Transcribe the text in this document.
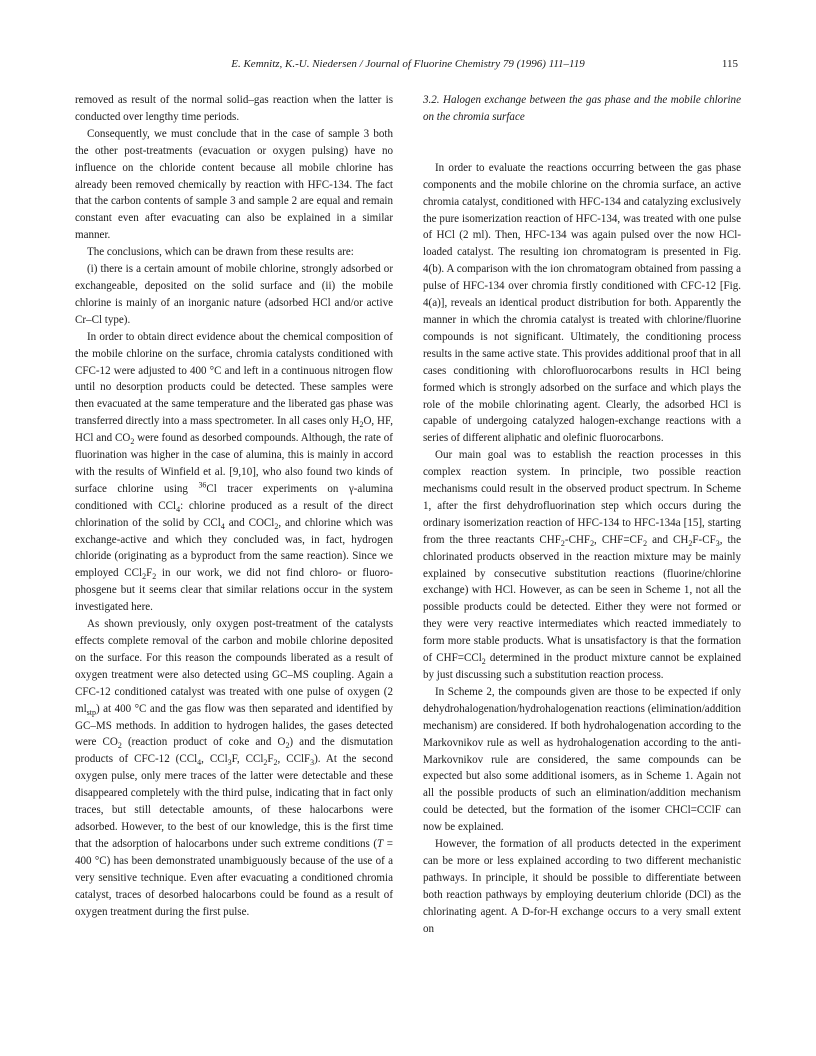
E. Kemnitz, K.-U. Niedersen / Journal of Fluorine Chemistry 79 (1996) 111–119	115

removed as result of the normal solid–gas reaction when the latter is conducted over lengthy time periods.

Consequently, we must conclude that in the case of sample 3 both the other post-treatments (evacuation or oxygen pulsing) have no influence on the chloride content because all mobile chlorine has already been removed chemically by reaction with HFC-134. The fact that the carbon contents of sample 3 and sample 2 are equal and remain constant even after evacuating can also be explained in a similar manner.

The conclusions, which can be drawn from these results are:

(i) there is a certain amount of mobile chlorine, strongly adsorbed or exchangeable, deposited on the solid surface and (ii) the mobile chlorine is mainly of an inorganic nature (adsorbed HCl and/or active Cr–Cl type).

In order to obtain direct evidence about the chemical composition of the mobile chlorine on the surface, chromia catalysts conditioned with CFC-12 were adjusted to 400 °C and left in a continuous nitrogen flow until no desorption products could be detected. These samples were then evacuated at the same temperature and the liberated gas phase was transferred directly into a mass spectrometer. In all cases only $H_2O$, HF, HCl and $CO_2$ were found as desorbed compounds. Although, the rate of fluorination was higher in the case of alumina, this is mainly in accord with the results of Winfield et al. [9,10], who also found two kinds of surface chlorine using $^{36}$Cl tracer experiments on γ-alumina conditioned with CCl$_4$: chlorine produced as a result of the direct chlorination of the solid by CCl$_4$ and COCl$_2$, and chlorine which was exchange-active and which they concluded was, in fact, hydrogen chloride (originating as a byproduct from the same reaction). Since we employed $CCl_2F_2$ in our work, we did not find chloro- or fluoro-phosgene but it seems clear that similar relations occur in the system investigated here.

As shown previously, only oxygen post-treatment of the catalysts effects complete removal of the carbon and mobile chlorine deposited on the surface. For this reason the compounds liberated as a result of oxygen treatment were also detected using GC–MS coupling. Again a CFC-12 conditioned catalyst was treated with one pulse of oxygen (2 $ml_{stp}$) at 400 °C and the gas flow was then separated and identified by GC–MS methods. In addition to hydrogen halides, the gases detected were $CO_2$ (reaction product of coke and $O_2$) and the dismutation products of CFC-12 (CCl$_4$, CCl$_3$F, $CCl_2F_2$, CClF$_3$). At the second oxygen pulse, only mere traces of the latter were detectable and these disappeared completely with the third pulse, indicating that in fact only traces, but still detectable amounts, of these halocarbons were adsorbed. However, to the best of our knowledge, this is the first time that the adsorption of halocarbons under such extreme conditions (T = 400 °C) has been demonstrated unambiguously because of the use of a very sensitive technique. Even after evacuating a conditioned chromia catalyst, traces of desorbed halocarbons could be found as a result of oxygen treatment during the first pulse.

3.2. Halogen exchange between the gas phase and the mobile chlorine on the chromia surface

In order to evaluate the reactions occurring between the gas phase components and the mobile chlorine on the chromia surface, an active chromia catalyst, conditioned with HFC-134 and catalyzing exclusively the pure isomerization reaction of HFC-134, was treated with one pulse of HCl (2 ml). Then, HFC-134 was again pulsed over the now HCl-loaded catalyst. The resulting ion chromatogram is presented in Fig. 4(b). A comparison with the ion chromatogram obtained from passing a pulse of HFC-134 over chromia firstly conditioned with CFC-12 [Fig. 4(a)], reveals an identical product distribution for both. Apparently the manner in which the chromia catalyst is treated with chlorine/fluorine compounds is not significant. Ultimately, the conditioning process results in the same active state. This provides additional proof that in all cases conditioning with chlorofluorocarbons results in HCl being formed which is strongly adsorbed on the surface and which plays the role of the mobile chlorinating agent. Clearly, the adsorbed HCl is capable of undergoing catalyzed halogen-exchange reactions with a series of different aliphatic and olefinic fluorocarbons.

Our main goal was to establish the reaction processes in this complex reaction system. In principle, two possible reaction mechanisms could result in the observed product spectrum. In Scheme 1, after the first dehydrofluorination step which occurs during the ordinary isomerization reaction of HFC-134 to HFC-134a [15], starting from the three reactants $CHF_2-CHF_2$, $CHF=CF_2$ and $CH_2F-CF_3$, the chlorinated products observed in the reaction mixture may be mainly explained by consecutive substitution reactions (fluorine/chlorine exchange) with HCl. However, as can be seen in Scheme 1, not all the possible products could be detected. Either they were not formed or they were very reactive intermediates which reacted immediately to form more stable products. What is unsatisfactory is that the formation of CHF=CCl$_2$ determined in the product mixture cannot be explained by just discussing such a substitution reaction process.

In Scheme 2, the compounds given are those to be expected if only dehydrohalogenation/hydrohalogenation reactions (elimination/addition mechanism) are considered. If both hydrohalogenation according to the Markovnikov rule as well as hydrohalogenation according to the anti-Markovnikov rule are considered, the same compounds can be expected but also some additional isomers, as in Scheme 1. Again not all the possible products of such an elimination/addition mechanism could be detected, but the formation of the isomer CHCl=CClF can now be explained.

However, the formation of all products detected in the experiment can be more or less explained according to two different mechanistic pathways. In principle, it should be possible to differentiate between both reaction pathways by employing deuterium chloride (DCl) as the chlorinating agent. A D-for-H exchange occurs to a very small extent on
